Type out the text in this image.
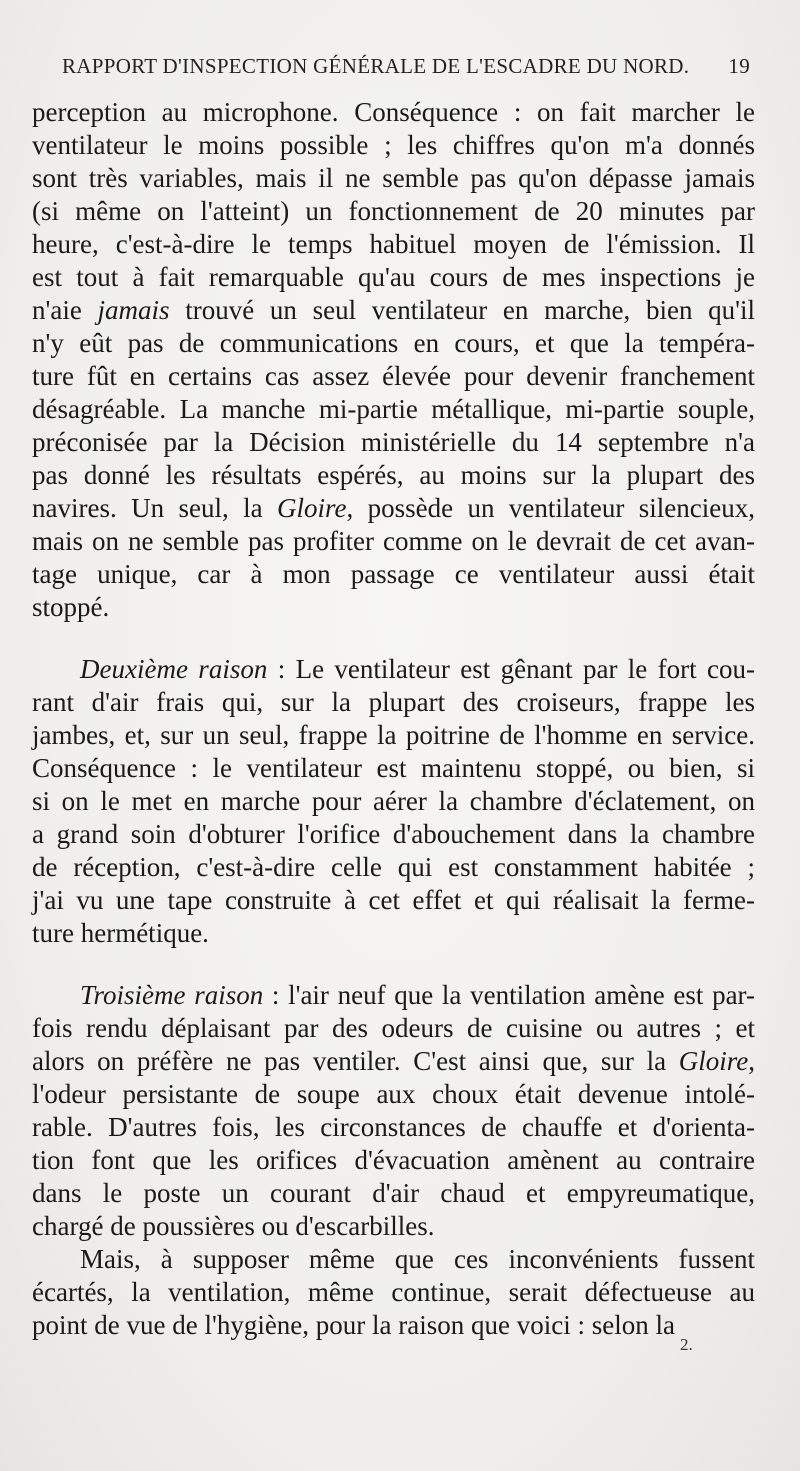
RAPPORT D'INSPECTION GÉNÉRALE DE L'ESCADRE DU NORD. 19
perception au microphone. Conséquence : on fait marcher le
ventilateur le moins possible ; les chiffres qu'on m'a donnés
sont très variables, mais il ne semble pas qu'on dépasse jamais
(si même on l'atteint) un fonctionnement de 20 minutes par
heure, c'est-à-dire le temps habituel moyen de l'émission. Il
est tout à fait remarquable qu'au cours de mes inspections je
n'aie jamais trouvé un seul ventilateur en marche, bien qu'il
n'y eût pas de communications en cours, et que la tempéra-
ture fût en certains cas assez élevée pour devenir franchement
désagréable. La manche mi-partie métallique, mi-partie souple,
préconisée par la Décision ministérielle du 14 septembre n'a
pas donné les résultats espérés, au moins sur la plupart des
navires. Un seul, la Gloire, possède un ventilateur silencieux,
mais on ne semble pas profiter comme on le devrait de cet avan-
tage unique, car à mon passage ce ventilateur aussi était
stoppé.
Deuxième raison : Le ventilateur est gênant par le fort cou-
rant d'air frais qui, sur la plupart des croiseurs, frappe les
jambes, et, sur un seul, frappe la poitrine de l'homme en service.
Conséquence : le ventilateur est maintenu stoppé, ou bien, si
si on le met en marche pour aérer la chambre d'éclatement, on
a grand soin d'obturer l'orifice d'abouchement dans la chambre
de réception, c'est-à-dire celle qui est constamment habitée ;
j'ai vu une tape construite à cet effet et qui réalisait la ferme-
ture hermétique.
Troisième raison : l'air neuf que la ventilation amène est par-
fois rendu déplaisant par des odeurs de cuisine ou autres ; et
alors on préfère ne pas ventiler. C'est ainsi que, sur la Gloire,
l'odeur persistante de soupe aux choux était devenue intolé-
rable. D'autres fois, les circonstances de chauffe et d'orienta-
tion font que les orifices d'évacuation amènent au contraire
dans le poste un courant d'air chaud et empyreumatique,
chargé de poussières ou d'escarbilles.
Mais, à supposer même que ces inconvénients fussent
écartés, la ventilation, même continue, serait défectueuse au
point de vue de l'hygiène, pour la raison que voici : selon la
2.
